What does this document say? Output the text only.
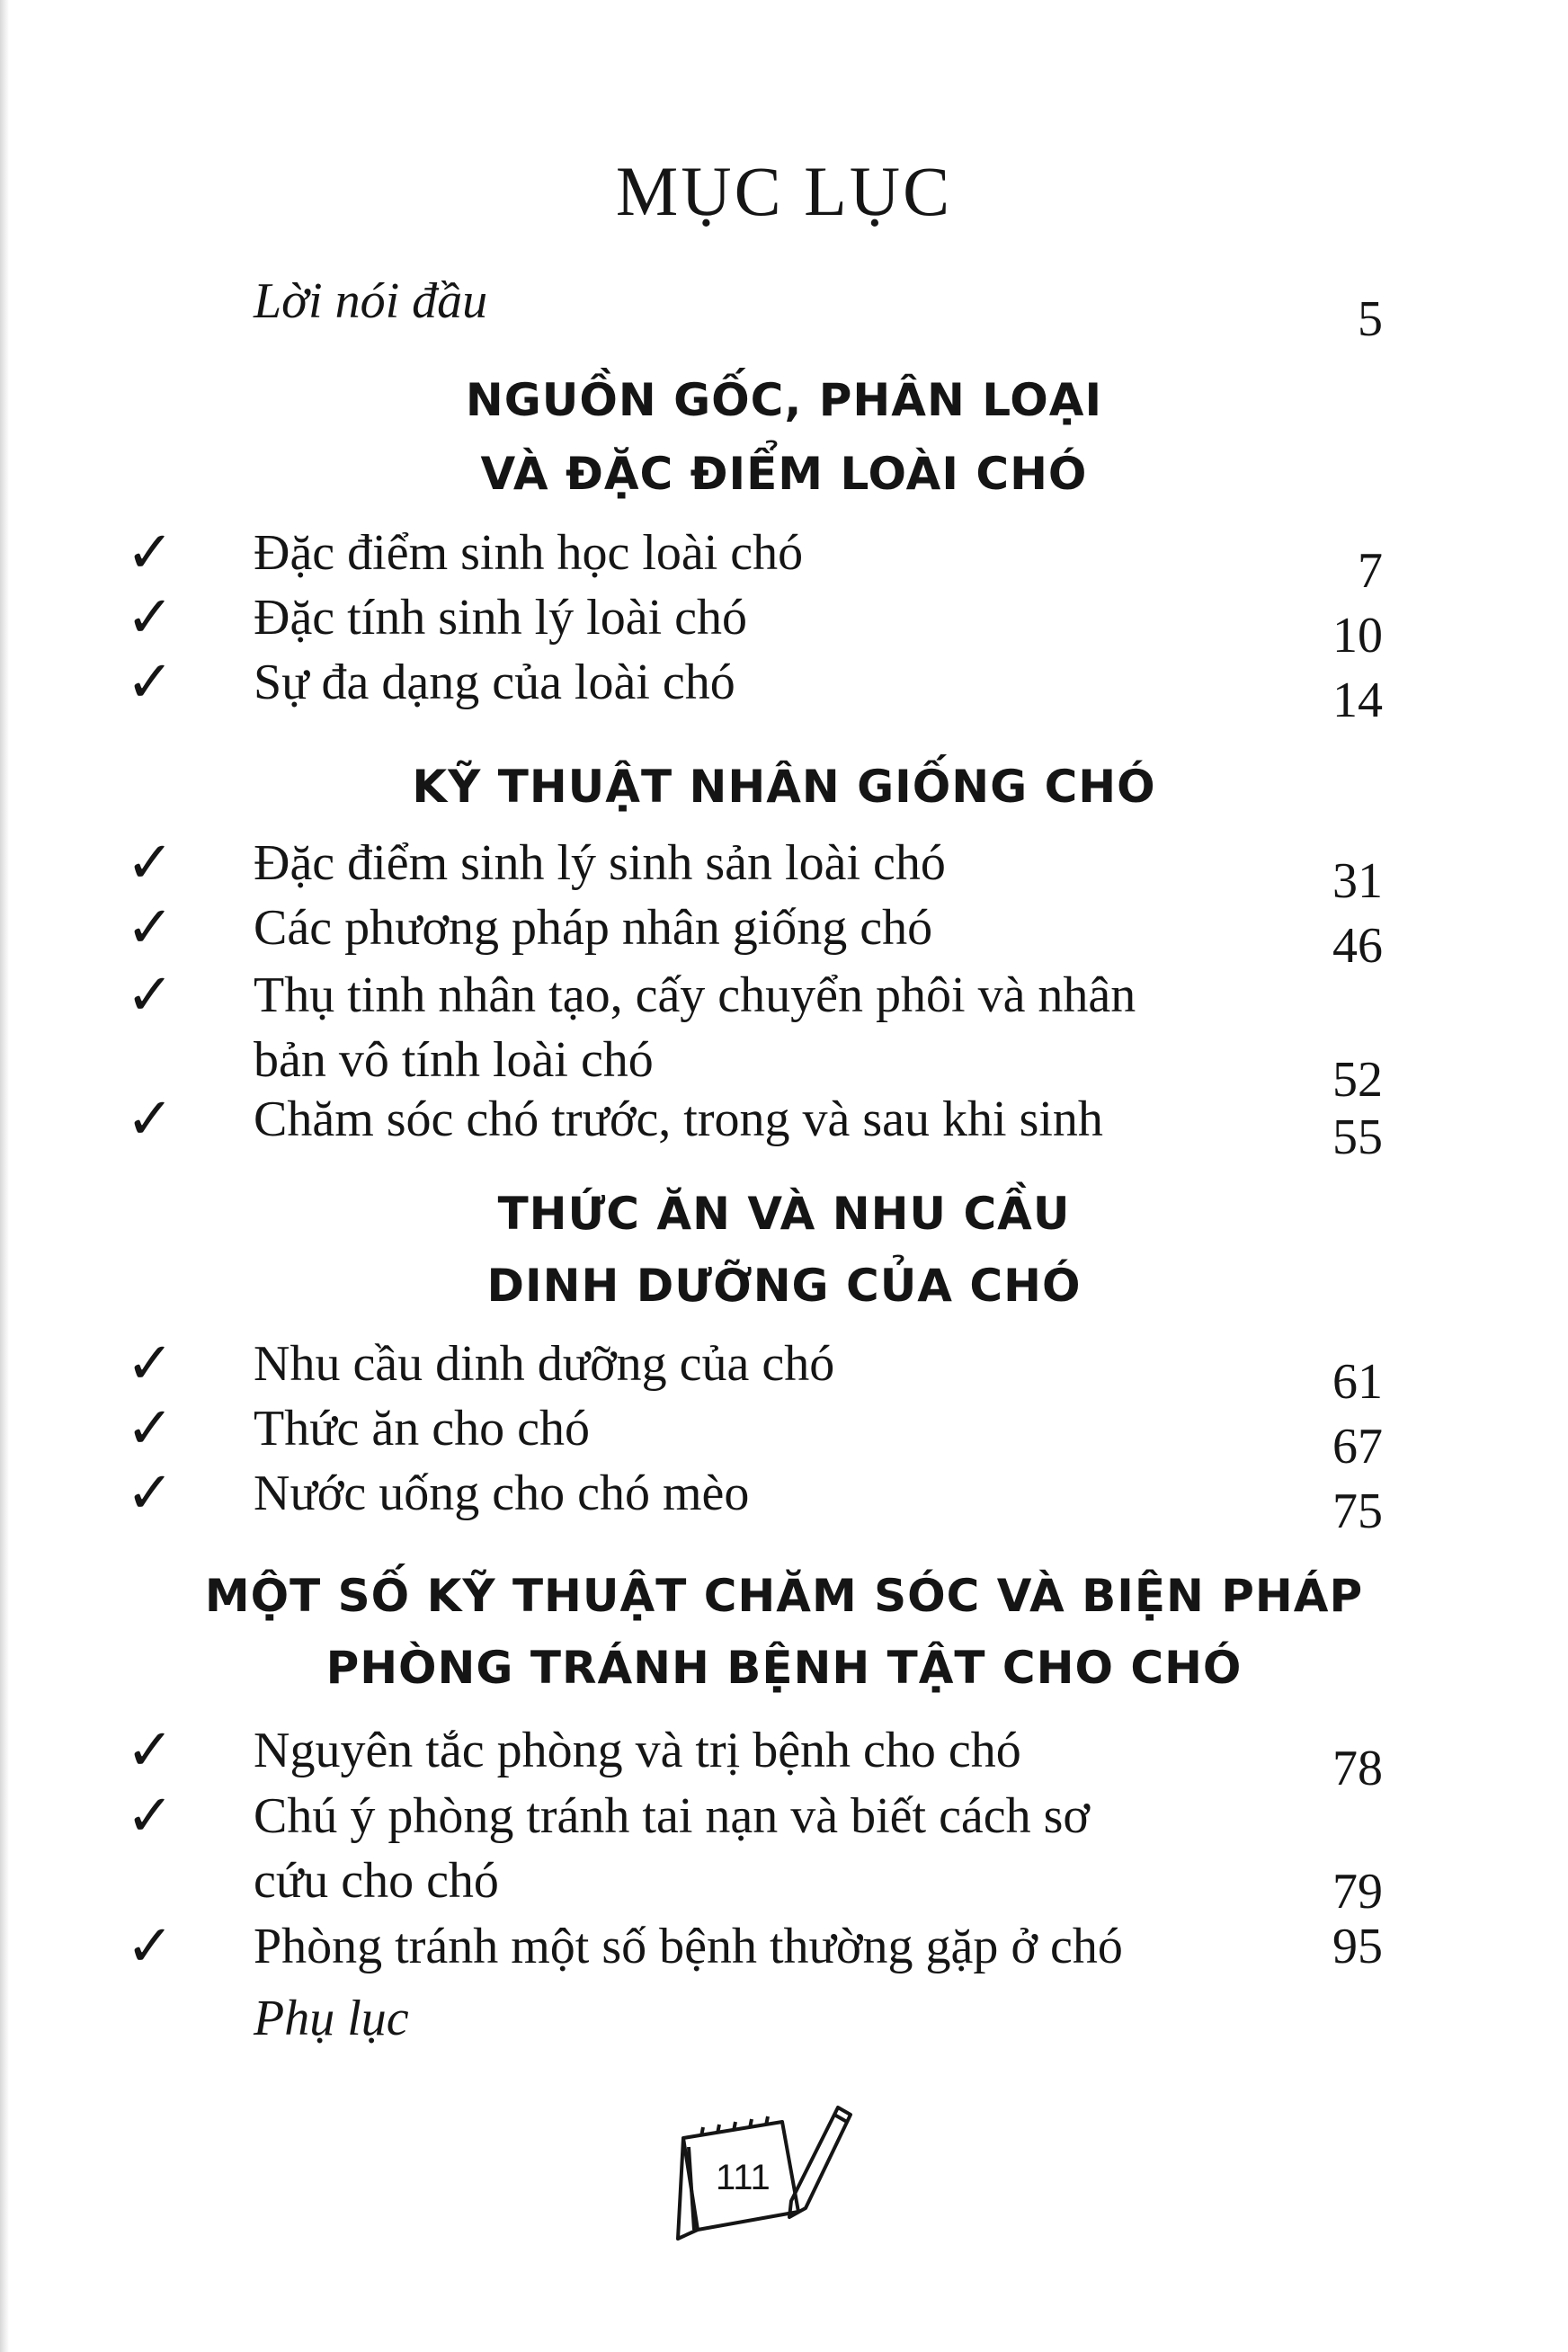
MỤC LỤC
Lời nói đầu	5
NGUỒN GỐC, PHÂN LOẠI
VÀ ĐẶC ĐIỂM LOÀI CHÓ
✓ Đặc điểm sinh học loài chó	7
✓ Đặc tính sinh lý loài chó	10
✓ Sự đa dạng của loài chó	14
KỸ THUẬT NHÂN GIỐNG CHÓ
✓ Đặc điểm sinh lý sinh sản loài chó	31
✓ Các phương pháp nhân giống chó	46
✓ Thụ tinh nhân tạo, cấy chuyển phôi và nhân
bản vô tính loài chó	52
✓ Chăm sóc chó trước, trong và sau khi sinh	55
THỨC ĂN VÀ NHU CẦU
DINH DƯỠNG CỦA CHÓ
✓ Nhu cầu dinh dưỡng của chó	61
✓ Thức ăn cho chó	67
✓ Nước uống cho chó mèo	75
MỘT SỐ KỸ THUẬT CHĂM SÓC VÀ BIỆN PHÁP
PHÒNG TRÁNH BỆNH TẬT CHO CHÓ
✓ Nguyên tắc phòng và trị bệnh cho chó	78
✓ Chú ý phòng tránh tai nạn và biết cách sơ
cứu cho chó	79
✓ Phòng tránh một số bệnh thường gặp ở chó	95
Phụ lục
111
